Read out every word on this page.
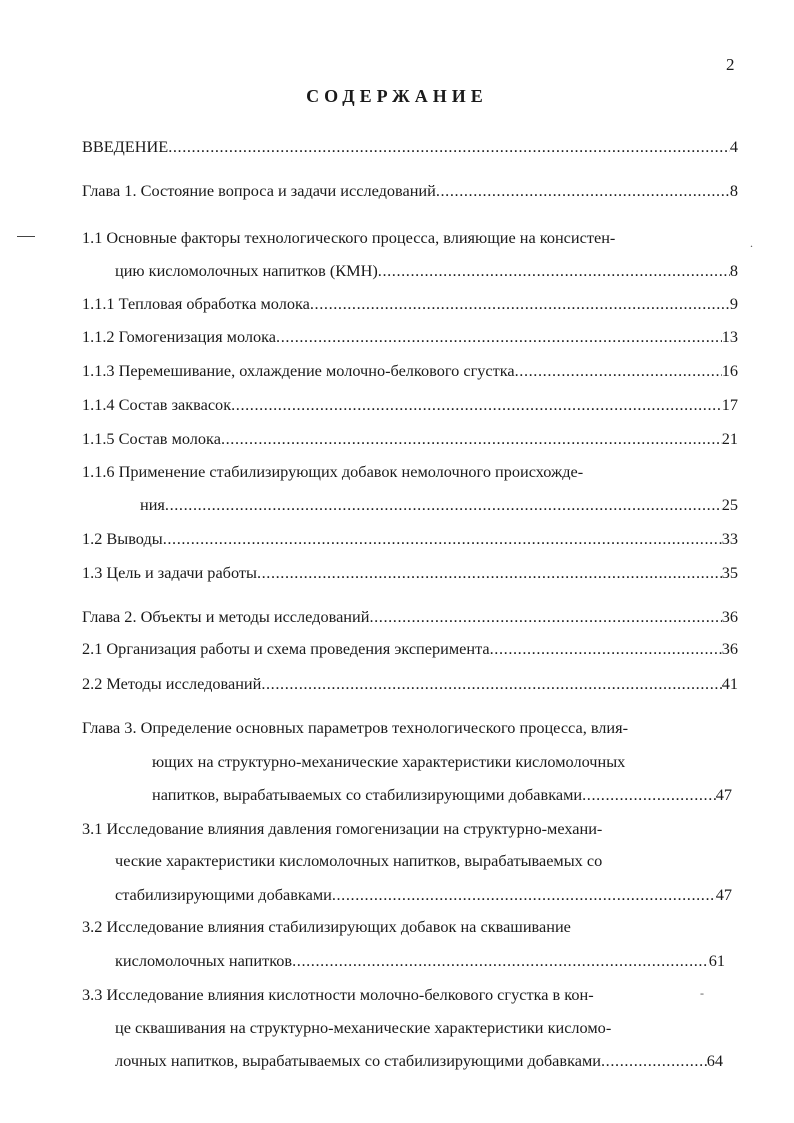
2
СОДЕРЖАНИЕ
.
-
ВВЕДЕНИЕ .....	4
Глава 1. Состояние вопроса и задачи исследований .....	8
1.1 Основные факторы технологического процесса, влияющие на консистен-
цию кисломолочных напитков (КМН) .....	8
1.1.1 Тепловая обработка молока .....	9
1.1.2 Гомогенизация молока .....	13
1.1.3 Перемешивание, охлаждение молочно-белкового сгустка .....	16
1.1.4 Состав заквасок .....	17
1.1.5 Состав молока .....	21
1.1.6 Применение стабилизирующих добавок немолочного происхожде-
ния .....	25
1.2 Выводы .....	33
1.3 Цель и задачи работы .....	35
Глава 2. Объекты и методы исследований .....	36
2.1 Организация работы и схема проведения эксперимента .....	36
2.2 Методы исследований .....	41
Глава 3. Определение основных параметров технологического процесса, влия-
ющих на структурно-механические характеристики кисломолочных
напитков, вырабатываемых со стабилизирующими добавками .....	47
3.1 Исследование влияния давления гомогенизации на структурно-механи-
ческие характеристики кисломолочных напитков, вырабатываемых со
стабилизирующими добавками .....	47
3.2 Исследование влияния стабилизирующих добавок на сквашивание
кисломолочных напитков .....	61
3.3 Исследование влияния кислотности молочно-белкового сгустка в кон-
це сквашивания на структурно-механические характеристики кисломо-
лочных напитков, вырабатываемых со стабилизирующими добавками .....	64
